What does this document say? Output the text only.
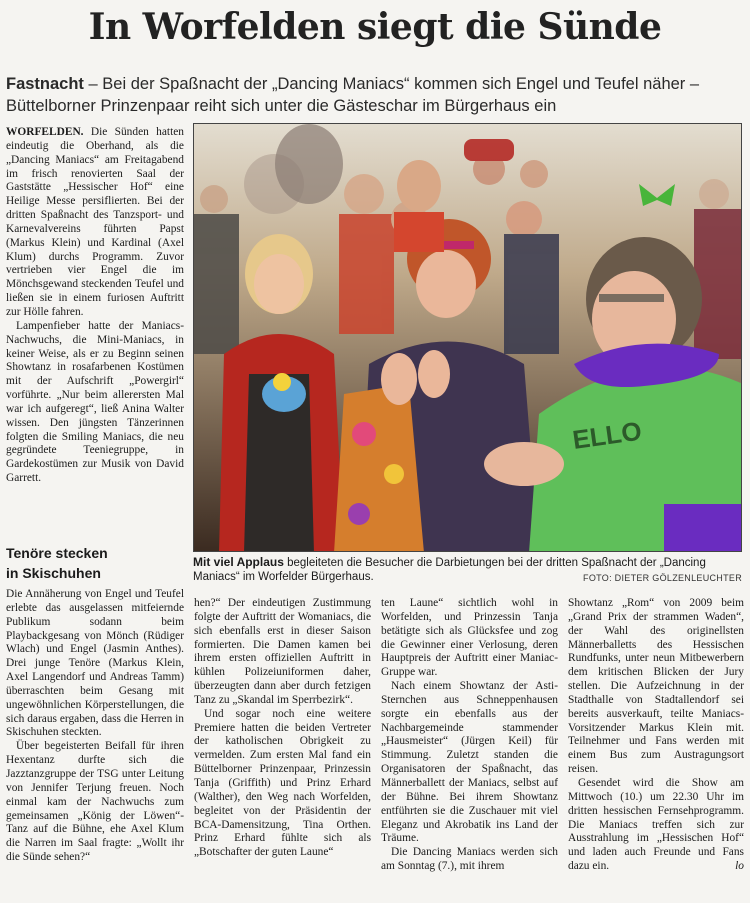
In Worfelden siegt die Sünde
Fastnacht – Bei der Spaßnacht der „Dancing Maniacs“ kommen sich Engel und Teufel näher – Büttelborner Prinzenpaar reiht sich unter die Gästeschar im Bürgerhaus ein

WORFELDEN. Die Sünden hatten eindeutig die Oberhand, als die „Dancing Maniacs“ am Freitagabend im frisch renovierten Saal der Gaststätte „Hessischer Hof“ eine Heilige Messe persiflierten. Bei der dritten Spaßnacht des Tanzsport- und Karnevalvereins führten Papst (Markus Klein) und Kardinal (Axel Klum) durchs Programm. Zuvor vertrieben vier Engel die im Mönchsgewand steckenden Teufel und ließen sie in einem furiosen Auftritt zur Hölle fahren.

Lampenfieber hatte der Maniacs-Nachwuchs, die Mini-Maniacs, in keiner Weise, als er zu Beginn seinen Showtanz in rosafarbenen Kostümen mit der Aufschrift „Powergirl“ vorführte. „Nur beim allerersten Mal war ich aufgeregt“, ließ Anina Walter wissen. Den jüngsten Tänzerinnen folgten die Smiling Maniacs, die neu gegründete Teeniegruppe, in Gardekostümen zur Musik von David Garrett.

Tenöre stecken
in Skischuhen

Die Annäherung von Engel und Teufel erlebte das ausgelassen mitfeiernde Publikum sodann beim Playbackgesang von Mönch (Rüdiger Wlach) und Engel (Jasmin Anthes). Drei junge Tenöre (Markus Klein, Axel Langendorf und Andreas Tamm) überraschten beim Gesang mit ungewöhnlichen Körperstellungen, die sich daraus ergaben, dass die Herren in Skischuhen steckten.

Über begeisterten Beifall für ihren Hexentanz durfte sich die Jazztanzgruppe der TSG unter Leitung von Jennifer Terjung freuen. Noch einmal kam der Nachwuchs zum gemeinsamen „König der Löwen“-Tanz auf die Bühne, ehe Axel Klum die Narren im Saal fragte: „Wollt ihr die Sünde sehen?“

hen?“ Der eindeutigen Zustimmung folgte der Auftritt der Womaniacs, die sich ebenfalls erst in dieser Saison formierten. Die Damen kamen bei ihrem ersten offiziellen Auftritt in kühlen Polizeiuniformen daher, überzeugten dann aber durch fetzigen Tanz zu „Skandal im Sperrbezirk“.

Und sogar noch eine weitere Premiere hatten die beiden Vertreter der katholischen Obrigkeit zu vermelden. Zum ersten Mal fand ein Büttelborner Prinzenpaar, Prinzessin Tanja (Griffith) und Prinz Erhard (Walther), den Weg nach Worfelden, begleitet von der Präsidentin der BCA-Damensitzung, Tina Orthen. Prinz Erhard fühlte sich als „Botschafter der guten Laune“

ten Laune“ sichtlich wohl in Worfelden, und Prinzessin Tanja betätigte sich als Glücksfee und zog die Gewinner einer Verlosung, deren Hauptpreis der Auftritt einer Maniac-Gruppe war.

Nach einem Showtanz der Asti-Sternchen aus Schneppenhausen sorgte ein ebenfalls aus der Nachbargemeinde stammender „Hausmeister“ (Jürgen Keil) für Stimmung. Zuletzt standen die Organisatoren der Spaßnacht, das Männerballett der Maniacs, selbst auf der Bühne. Bei ihrem Showtanz entführten sie die Zuschauer mit viel Eleganz und Akrobatik ins Land der Träume.

Die Dancing Maniacs werden sich am Sonntag (7.), mit ihrem

Showtanz „Rom“ von 2009 beim „Grand Prix der strammen Waden“, der Wahl des originellsten Männerballetts des Hessischen Rundfunks, unter neun Mitbewerbern dem kritischen Blicken der Jury stellen. Die Aufzeichnung in der Stadthalle von Stadtallendorf sei bereits ausverkauft, teilte Maniacs-Vorsitzender Markus Klein mit. Teilnehmer und Fans werden mit einem Bus zum Austragungsort reisen.

Gesendet wird die Show am Mittwoch (10.) um 22.30 Uhr im dritten hessischen Fernsehprogramm. Die Maniacs treffen sich zur Ausstrahlung im „Hessischen Hof“ und laden auch Freunde und Fans dazu ein.	lo

ELLO
Mit viel Applaus begleiteten die Besucher die Darbietungen bei der dritten Spaßnacht der „Dancing Maniacs“ im Worfelder Bürgerhaus.	FOTO: DIETER GÖLZENLEUCHTER
